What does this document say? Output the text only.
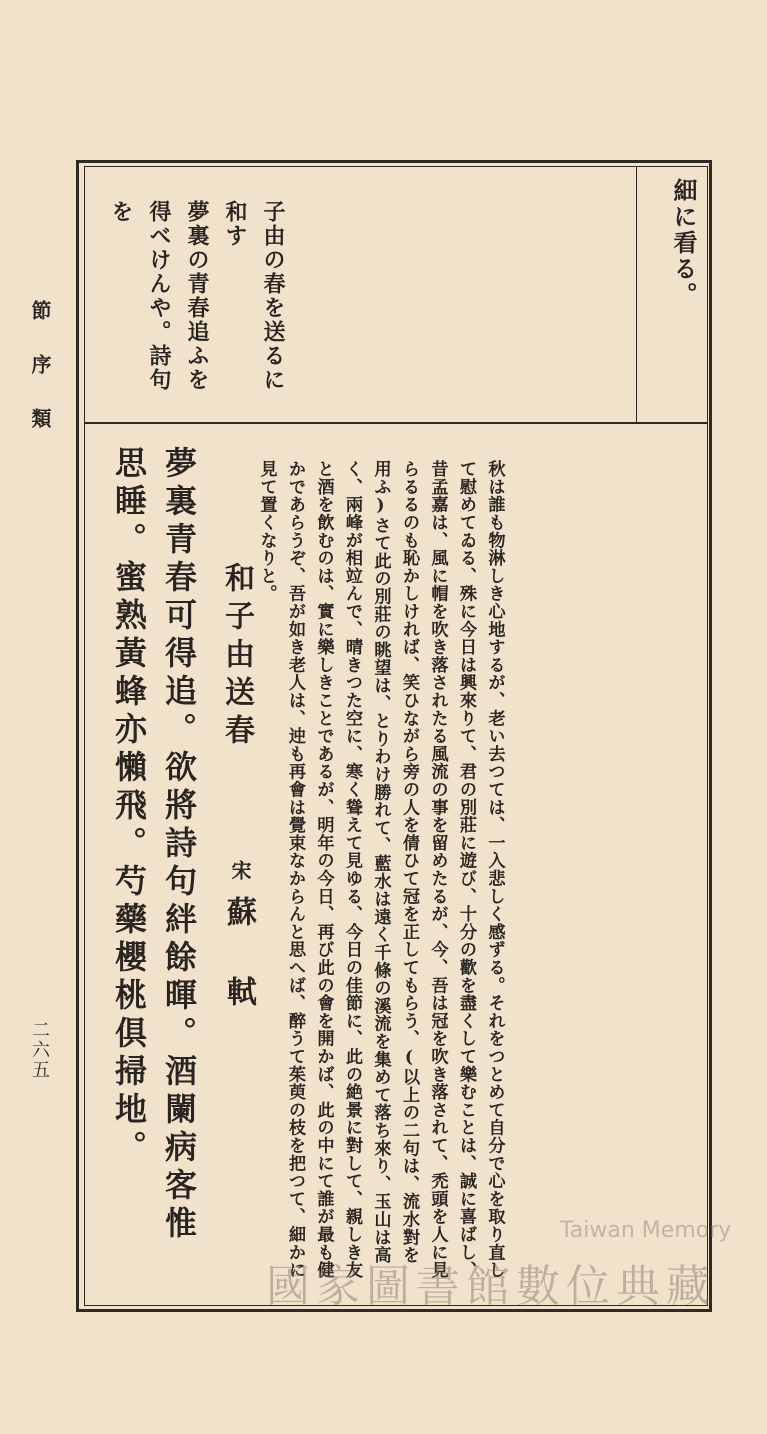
節序類
二六五
細に看る。
子由の春を送るに和す
夢裏の青春追ふを得べけんや。詩句を
秋は誰も物淋しき心地するが、老い去つては、一入悲しく感ずる。それをつとめて自分で心を取り直して慰めてゐる、殊に今日は興來りて、君の別莊に遊び、十分の歡を盡くして樂むことは、誠に喜ばし、昔孟嘉は、風に帽を吹き落されたる風流の事を留めたるが、今、吾は冠を吹き落されて、禿頭を人に見らるるのも恥かしければ、笑ひながら旁の人を倩ひて冠を正してもらう、(以上の二句は、流水對を用ふ)さて此の別莊の眺望は、とりわけ勝れて、藍水は遠く千條の溪流を集めて落ち來り、玉山は高く、兩峰が相竝んで、晴きつた空に、寒く聳えて見ゆる、今日の佳節に、此の絶景に對して、親しき友と酒を飲むのは、實に樂しきことであるが、明年の今日、再び此の會を開かば、此の中にて誰が最も健かであらうぞ、吾が如き老人は、迚も再會は覺束なからんと思へば、醉うて茱萸の枝を把つて、細かに見て置くなりと。
和子由送春
宋
蘇軾
夢裏青春可得追。欲將詩句絆餘暉。酒闌病客惟思睡。蜜熟黃蜂亦懶飛。芍藥櫻桃俱掃地。
國家圖書館數位典藏
Taiwan Memory
